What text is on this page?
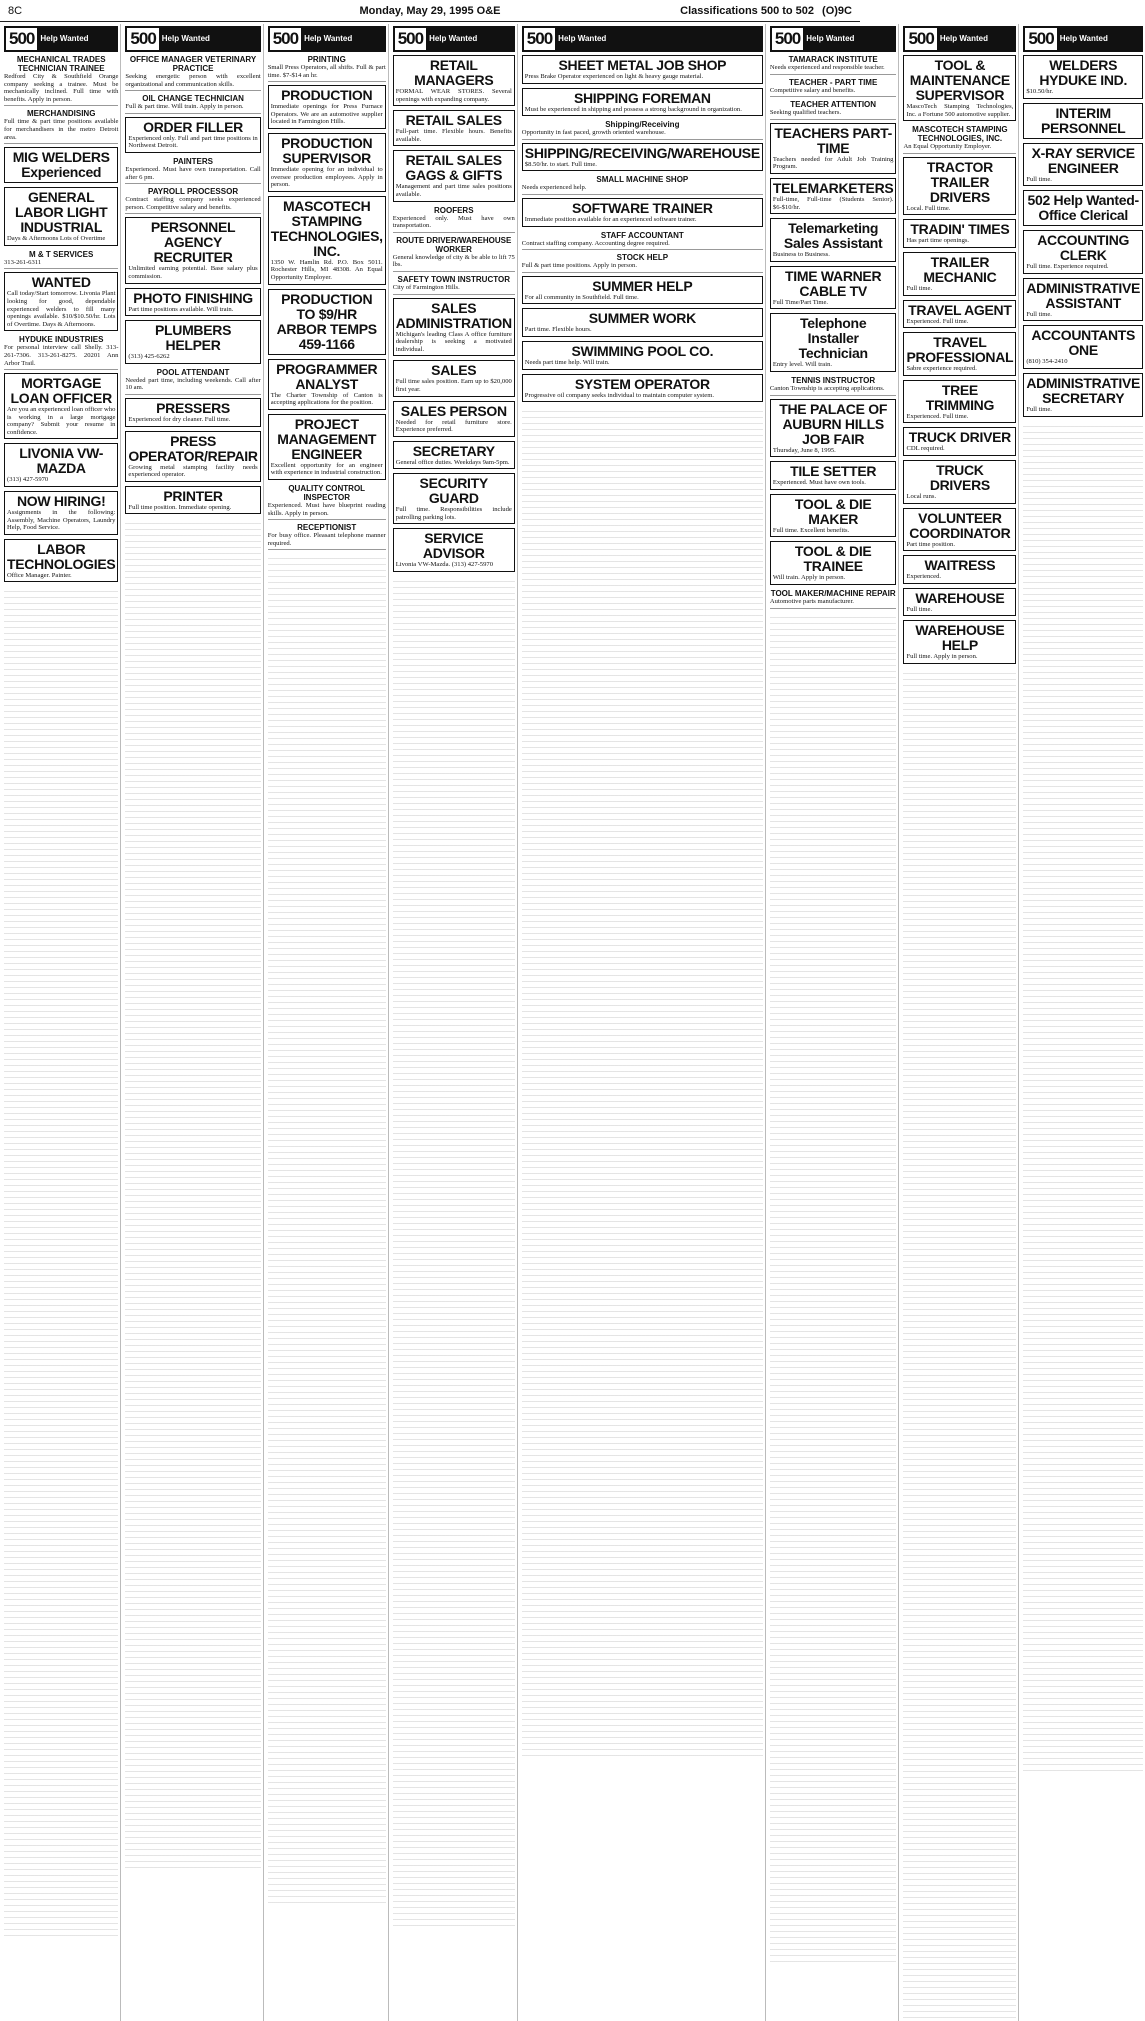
8C	Monday, May 29, 1995 O&E	Classifications 500 to 502 (O)9C
500 Help Wanted
MECHANICAL TRADES TECHNICIAN TRAINEE
Redford City & Southfield Orange company seeking a trainee. Must be mechanically inclined. Full time with benefits. Apply in person.
MERCHANDISING
Full time & part time positions available for merchandisers in the metro Detroit area.
MIG WELDERS Experienced
GENERAL LABOR LIGHT INDUSTRIAL
Days & Afternoons Lots of Overtime
M & T SERVICES
313-261-6311
WANTED
Call today/Start tomorrow. Livonia Plant looking for good, dependable experienced welders to fill many openings available. $10/$10.50/hr. Lots of Overtime. Days & Afternoons.
HYDUKE INDUSTRIES
For personal interview call Shelly. 313-261-7306. 313-261-8275. 20201 Ann Arbor Trail.
MORTGAGE LOAN OFFICER
Are you an experienced loan officer who is working in a large mortgage company? Submit your resume in confidence.
LIVONIA VW-MAZDA
(313) 427-5970
NOW HIRING!
Assignments in the following: Assembly, Machine Operators, Laundry Help, Food Service.
LABOR TECHNOLOGIES
Office Manager. Painter.
500 Help Wanted
OFFICE MANAGER VETERINARY PRACTICE
Seeking energetic person with excellent organizational and communication skills.
OIL CHANGE TECHNICIAN
Full & part time. Will train. Apply in person.
ORDER FILLER
Experienced only. Full and part time positions in Northwest Detroit.
PAINTERS
Experienced. Must have own transportation. Call after 6 pm.
PAYROLL PROCESSOR
Contract staffing company seeks experienced person. Competitive salary and benefits.
PERSONNEL AGENCY RECRUITER
Unlimited earning potential. Base salary plus commission.
PHOTO FINISHING
Part time positions available. Will train.
PLUMBERS HELPER
(313) 425-6262
POOL ATTENDANT
Needed part time, including weekends. Call after 10 am.
PRESSERS
Experienced for dry cleaner. Full time.
PRESS OPERATOR/REPAIR
Growing metal stamping facility needs experienced operator.
PRINTER
Full time position. Immediate opening.
500 Help Wanted
PRINTING
Small Press Operators, all shifts. Full & part time. $7-$14 an hr.
PRODUCTION
Immediate openings for Press Furnace Operators. We are an automotive supplier located in Farmington Hills.
PRODUCTION SUPERVISOR
Immediate opening for an individual to oversee production employees. Apply in person.
MASCOTECH STAMPING TECHNOLOGIES, INC.
1350 W. Hamlin Rd. P.O. Box 5011. Rochester Hills, MI 48308. An Equal Opportunity Employer.
PRODUCTION TO $9/HR ARBOR TEMPS 459-1166
PROGRAMMER ANALYST
The Charter Township of Canton is accepting applications for the position.
PROJECT MANAGEMENT ENGINEER
Excellent opportunity for an engineer with experience in industrial construction.
QUALITY CONTROL INSPECTOR
Experienced. Must have blueprint reading skills. Apply in person.
RECEPTIONIST
For busy office. Pleasant telephone manner required.
500 Help Wanted
RETAIL MANAGERS
FORMAL WEAR STORES. Several openings with expanding company.
RETAIL SALES
Full-part time. Flexible hours. Benefits available.
RETAIL SALES GAGS & GIFTS
Management and part time sales positions available.
ROOFERS
Experienced only. Must have own transportation.
ROUTE DRIVER/WAREHOUSE WORKER
General knowledge of city & be able to lift 75 lbs.
SAFETY TOWN INSTRUCTOR
City of Farmington Hills.
SALES ADMINISTRATION
Michigan's leading Class A office furniture dealership is seeking a motivated individual.
SALES
Full time sales position. Earn up to $20,000 first year.
SALES PERSON
Needed for retail furniture store. Experience preferred.
SECRETARY
General office duties. Weekdays 9am-5pm.
SECURITY GUARD
Full time. Responsibilities include patrolling parking lots.
SERVICE ADVISOR
Livonia VW-Mazda. (313) 427-5970
500 Help Wanted
SHEET METAL JOB SHOP
Press Brake Operator experienced on light & heavy gauge material.
SHIPPING FOREMAN
Must be experienced in shipping and possess a strong background in organization.
Shipping/Receiving
Opportunity in fast paced, growth oriented warehouse.
SHIPPING/RECEIVING/WAREHOUSE
$8.50/hr. to start. Full time.
SMALL MACHINE SHOP
Needs experienced help.
SOFTWARE TRAINER
Immediate position available for an experienced software trainer.
STAFF ACCOUNTANT
Contract staffing company. Accounting degree required.
STOCK HELP
Full & part time positions. Apply in person.
SUMMER HELP
For all community in Southfield. Full time.
SUMMER WORK
Part time. Flexible hours.
SWIMMING POOL CO.
Needs part time help. Will train.
SYSTEM OPERATOR
Progressive oil company seeks individual to maintain computer system.
500 Help Wanted
TAMARACK INSTITUTE
Needs experienced and responsible teacher.
TEACHER - PART TIME
Competitive salary and benefits.
TEACHER ATTENTION
Seeking qualified teachers.
TEACHERS PART-TIME
Teachers needed for Adult Job Training Program.
TELEMARKETERS
Full-time, Full-time (Students Senior). $6-$10/hr.
Telemarketing Sales Assistant
Business to Business.
TIME WARNER CABLE TV
Full Time/Part Time.
Telephone Installer Technician
Entry level. Will train.
TENNIS INSTRUCTOR
Canton Township is accepting applications.
THE PALACE OF AUBURN HILLS JOB FAIR
Thursday, June 8, 1995.
TILE SETTER
Experienced. Must have own tools.
TOOL & DIE MAKER
Full time. Excellent benefits.
TOOL & DIE TRAINEE
Will train. Apply in person.
TOOL MAKER/MACHINE REPAIR
Automotive parts manufacturer.
500 Help Wanted
TOOL & MAINTENANCE SUPERVISOR
MascoTech Stamping Technologies, Inc. a Fortune 500 automotive supplier.
MASCOTECH STAMPING TECHNOLOGIES, INC.
An Equal Opportunity Employer.
TRACTOR TRAILER DRIVERS
Local. Full time.
TRADIN' TIMES
Has part time openings.
TRAILER MECHANIC
Full time.
TRAVEL AGENT
Experienced. Full time.
TRAVEL PROFESSIONAL
Sabre experience required.
TREE TRIMMING
Experienced. Full time.
TRUCK DRIVER
CDL required.
TRUCK DRIVERS
Local runs.
VOLUNTEER COORDINATOR
Part time position.
WAITRESS
Experienced.
WAREHOUSE
Full time.
WAREHOUSE HELP
Full time. Apply in person.
500 Help Wanted
WELDERS HYDUKE IND.
$10.50/hr.
INTERIM PERSONNEL
X-RAY SERVICE ENGINEER
Full time.
502 Help Wanted-Office Clerical
ACCOUNTING CLERK
Full time. Experience required.
ADMINISTRATIVE ASSISTANT
Full time.
ACCOUNTANTS ONE
(810) 354-2410
ADMINISTRATIVE SECRETARY
Full time.
